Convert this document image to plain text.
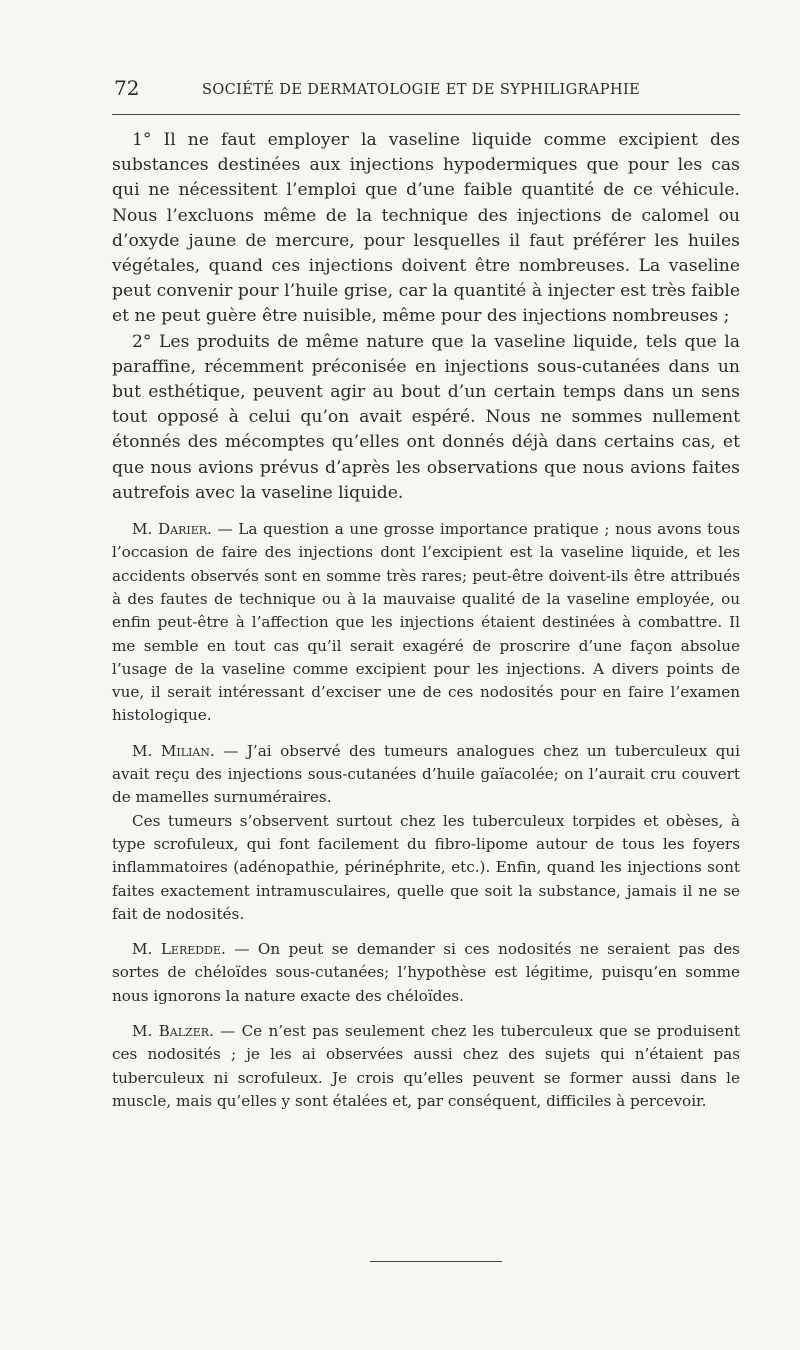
72	SOCIÉTÉ DE DERMATOLOGIE ET DE SYPHILIGRAPHIE

1° Il ne faut employer la vaseline liquide comme excipient des substances destinées aux injections hypodermiques que pour les cas qui ne nécessitent l’emploi que d’une faible quantité de ce véhicule. Nous l’excluons même de la technique des injections de calomel ou d’oxyde jaune de mercure, pour lesquelles il faut préférer les huiles végétales, quand ces injections doivent être nombreuses. La vaseline peut convenir pour l’huile grise, car la quantité à injecter est très faible et ne peut guère être nuisible, même pour des injections nombreuses ;

2° Les produits de même nature que la vaseline liquide, tels que la paraffine, récemment préconisée en injections sous-cutanées dans un but esthétique, peuvent agir au bout d’un certain temps dans un sens tout opposé à celui qu’on avait espéré. Nous ne sommes nullement étonnés des mécomptes qu’elles ont donnés déjà dans certains cas, et que nous avions prévus d’après les observations que nous avions faites autrefois avec la vaseline liquide.

M. Darier. — La question a une grosse importance pratique ; nous avons tous l’occasion de faire des injections dont l’excipient est la vaseline liquide, et les accidents observés sont en somme très rares; peut-être doivent-ils être attribués à des fautes de technique ou à la mauvaise qualité de la vaseline employée, ou enfin peut-être à l’affection que les injections étaient destinées à combattre. Il me semble en tout cas qu’il serait exagéré de proscrire d’une façon absolue l’usage de la vaseline comme excipient pour les injections. A divers points de vue, il serait intéressant d’exciser une de ces nodosités pour en faire l’examen histologique.

M. Milian. — J’ai observé des tumeurs analogues chez un tuberculeux qui avait reçu des injections sous-cutanées d’huile gaïacolée; on l’aurait cru couvert de mamelles surnuméraires.

Ces tumeurs s’observent surtout chez les tuberculeux torpides et obèses, à type scrofuleux, qui font facilement du fibro-lipome autour de tous les foyers inflammatoires (adénopathie, périnéphrite, etc.). Enfin, quand les injections sont faites exactement intramusculaires, quelle que soit la substance, jamais il ne se fait de nodosités.

M. Leredde. — On peut se demander si ces nodosités ne seraient pas des sortes de chéloïdes sous-cutanées; l’hypothèse est légitime, puisqu’en somme nous ignorons la nature exacte des chéloïdes.

M. Balzer. — Ce n’est pas seulement chez les tuberculeux que se produisent ces nodosités ; je les ai observées aussi chez des sujets qui n’étaient pas tuberculeux ni scrofuleux. Je crois qu’elles peuvent se former aussi dans le muscle, mais qu’elles y sont étalées et, par conséquent, difficiles à percevoir.
